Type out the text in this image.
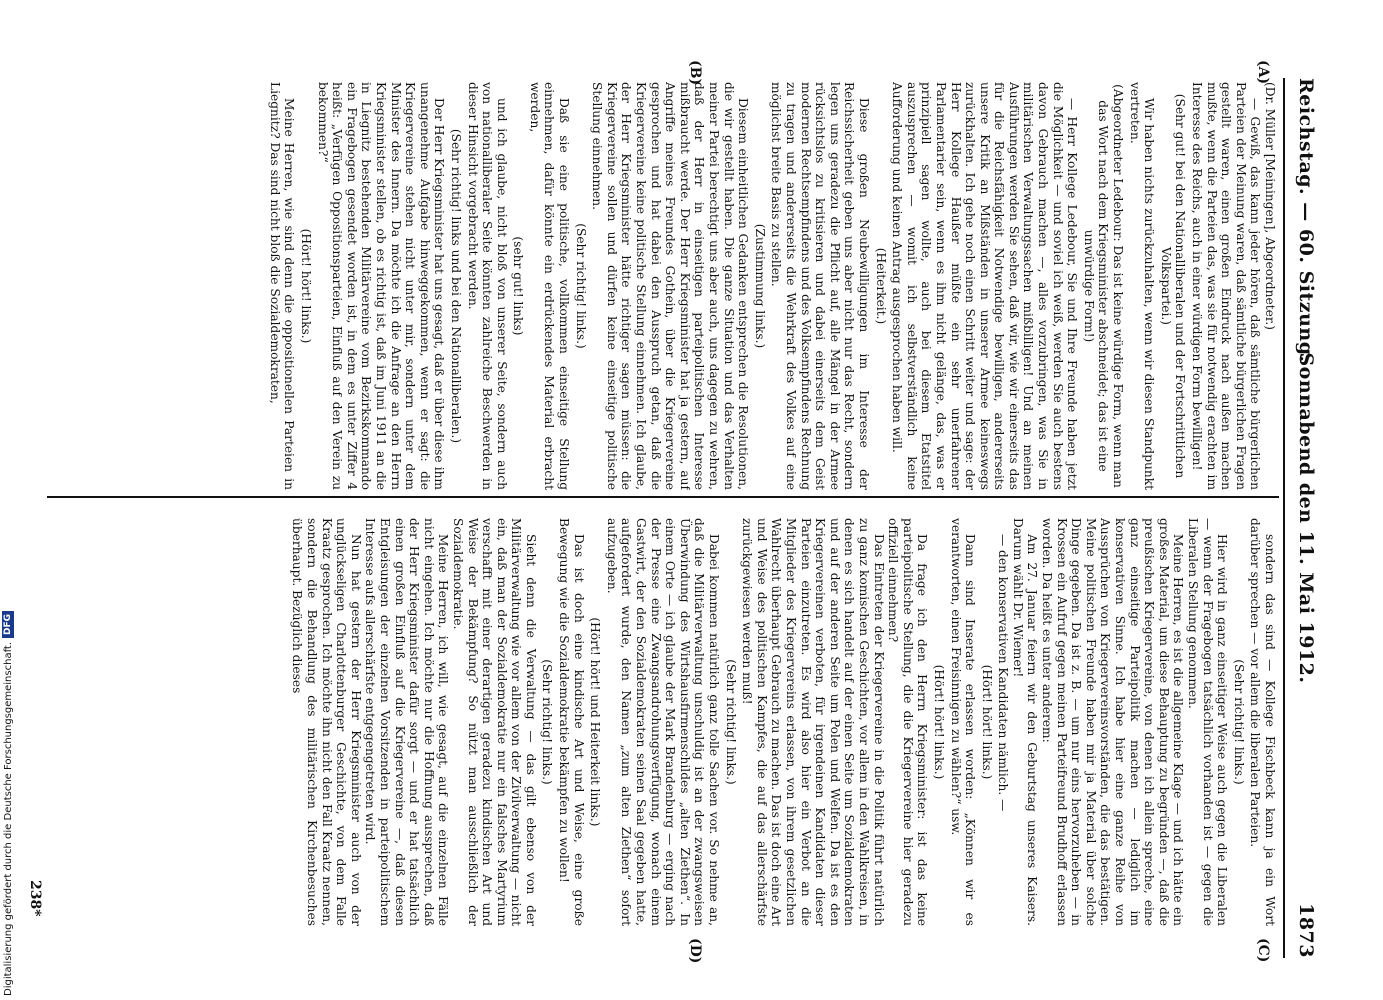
Reichstag. — 60. Sitzung.
Sonnabend den 11. Mai 1912.
1873
(A)
(B)
(C)
(D)

(Dr. Müller [Meiningen], Abgeordneter.)

— Gewiß, das kann jeder hören, daß sämtliche bürgerlichen Parteien der Meinung waren, daß sämtliche bürgerlichen Fragen gestellt waren, einen großen Eindruck nach außen machen mußte, wenn die Parteien das, was sie für notwendig erachten im Interesse des Reichs, auch in einer würdigen Form bewilligen!

(Sehr gut! bei den Nationalliberalen und der Fortschrittlichen Volkspartei.)

Wir haben nichts zurückzuhalten, wenn wir diesen Standpunkt vertreten.

(Abgeordneter Ledebour: Das ist keine würdige Form, wenn man das Wort nach dem Kriegsminister abschneidet; das ist eine unwürdige Form!)

— Herr Kollege Ledebour, Sie und Ihre Freunde haben jetzt die Möglichkeit — und soviel ich weiß, werden Sie auch bestens davon Gebrauch machen —, alles vorzubringen, was Sie in militärischen Verwaltungssachen mißbilligen! Und an meinen Ausführungen werden Sie sehen, daß wir, wie wir einerseits das für die Reichsfähigkeit Notwendige bewilligen, andererseits unsere Kritik an Mißständen in unserer Armee keineswegs zurückhalten. Ich gehe noch einen Schritt weiter und sage: der Herr Kollege Haußer müßte ein sehr unerfahrener Parlamentarier sein, wenn es ihm nicht gelänge, das, was er prinzipiell sagen wollte, auch bei diesem Etatstitel auszusprechen — womit ich selbstverständlich keine Aufforderung und keinen Antrag ausgesprochen haben will.

(Heiterkeit.)

Diese großen Neubewilligungen im Interesse der Reichssicherheit geben uns aber nicht nur das Recht, sondern legen uns geradezu die Pflicht auf, alle Mängel in der Armee rücksichtslos zu kritisieren und dabei einerseits dem Geist modernen Rechtsempfindens und des Volksempfindens Rechnung zu tragen und andererseits die Wehrkraft des Volkes auf eine möglichst breite Basis zu stellen.

(Zustimmung links.)

Diesem einheitlichen Gedanken entsprechen die Resolutionen, die wir gestellt haben. Die ganze Situation und das Verhalten meiner Partei berechtigt uns aber auch, uns dagegen zu wehren, daß der Herr in einseitigen parteipolitischen Interesse mißbraucht werde. Der Herr Kriegsminister hat ja gestern, auf Angriffe meines Freundes Gothein, über die Kriegervereine gesprochen und hat dabei den Ausspruch getan, daß die Kriegervereine keine politische Stellung einnehmen. Ich glaube, der Herr Kriegsminister hätte richtiger sagen müssen: die Kriegervereine sollen und dürfen keine einseitige politische Stellung einnehmen.

(Sehr richtig! links.)

Daß sie eine politische, vollkommen einseitige Stellung einnehmen, dafür könnte ein erdrückendes Material erbracht werden,

(sehr gut! links)

und ich glaube, nicht bloß von unserer Seite, sondern auch von nationalliberaler Seite könnten zahlreiche Beschwerden in dieser Hinsicht vorgebracht werden.

(Sehr richtig! links und bei den Nationalliberalen.)

Der Herr Kriegsminister hat uns gesagt, daß er über diese ihm unangenehme Aufgabe hinweggekommen, wenn er sagt: die Kriegervereine stehen nicht unter mir, sondern unter dem Minister des Innern. Da möchte ich die Anfrage an den Herrn Kriegsminister stellen, ob es richtig ist, daß im Juni 1911 an die in Liegnitz bestehenden Militärvereine vom Bezirkskommando ein Fragebogen gesendet worden ist, in dem es unter Ziffer 4 heißt: „Verfügen Oppositionsparteien, Einfluß auf den Verein zu bekommen?“

(Hört! hört! links.)

Meine Herren, wie sind denn die oppositionellen Parteien in Liegnitz? Das sind nicht bloß die Sozialdemokraten,

sondern das sind — Kollege Fischbeck kann ja ein Wort darüber sprechen — vor allem die liberalen Parteien.

(Sehr richtig! links.)

Hier wird in ganz einseitiger Weise auch gegen die Liberalen — wenn der Fragebogen tatsächlich vorhanden ist — gegen die Liberalen Stellung genommen.

Meine Herren, es ist die allgemeine Klage — und ich hätte ein großes Material, um diese Behauptung zu begründen —, daß die preußischen Kriegervereine, von denen ich allein spreche, eine ganz einseitige Parteipolitik machen — lediglich im konservativen Sinne. Ich habe hier eine ganze Reihe von Aussprüchen von Kriegervereinsvorständen, die das bestätigen. Meine politischen Freunde haben mir ja Material über solche Dinge gegeben. Da ist z. B. — um nur eins hervorzuheben — in Krossen ein Aufruf gegen meinen Parteifreund Brudhoff erlassen worden. Da heißt es unter anderem:

Am 27. Januar feiern wir den Geburtstag unseres Kaisers. Darum wählt Dr. Wiemer!

— den konservativen Kandidaten nämlich. —

(Hört! hört! links.)

Dann sind Inserate erlassen worden: „Können wir es verantworten, einen Freisinnigen zu wählen?“ usw.

(Hört! hört! links.)

Da frage ich den Herrn Kriegsminister: ist das keine parteipolitische Stellung, die die Kriegervereine hier geradezu offiziell einnehmen?

Das Eintreten der Kriegervereine in die Politik führt natürlich zu ganz komischen Geschichten, vor allem in den Wahlkreisen, in denen es sich handelt auf der einen Seite um Sozialdemokraten und auf der anderen Seite um Polen und Welfen. Da ist es den Kriegervereinen verboten, für irgendeinen Kandidaten dieser Parteien einzutreten. Es wird also hier ein Verbot an die Mitglieder des Kriegervereins erlassen, von ihrem gesetzlichen Wahlrecht überhaupt Gebrauch zu machen. Das ist doch eine Art und Weise des politischen Kampfes, die auf das allerschärfste zurückgewiesen werden muß!

(Sehr richtig! links.)

Dabei kommen natürlich ganz tolle Sachen vor. So nehme an, daß die Militärverwaltung unschuldig ist an der zwangsweisen Überwindung des Wirtshausfirmenschildes „alten Ziethen“. In einem Orte — ich glaube der Mark Brandenburg — erging nach der Presse eine Zwangsandrohungsverfügung, wonach einem Gastwirt, der den Sozialdemokraten seinen Saal gegeben hatte, aufgefordert wurde, den Namen „zum alten Ziethen“ sofort aufzugeben.

(Hört! hört! und Heiterkeit links.)

Das ist doch eine kindische Art und Weise, eine große Bewegung wie die Sozialdemokratie bekämpfen zu wollen!

(Sehr richtig! links.)

Sieht denn die Verwaltung — das gilt ebenso von der Militärverwaltung wie vor allem von der Zivilverwaltung — nicht ein, daß man der Sozialdemokratie nur ein falsches Martyrium verschafft mit einer derartigen geradezu kindischen Art und Weise der Bekämpfung? So nützt man ausschließlich der Sozialdemokratie.

Meine Herren, ich will, wie gesagt, auf die einzelnen Fälle nicht eingehen. Ich möchte nur die Hoffnung aussprechen, daß der Herr Kriegsminister dafür sorgt — und er hat tatsächlich einen großen Einfluß auf die Kriegervereine —, daß diesen Entgleisungen der einzelnen Vorsitzenden in parteipolitischem Interesse aufs allerschärfste entgegengetreten wird.

Nun hat gestern der Herr Kriegsminister auch von der unglückseligen Charlottenburger Geschichte, von dem Falle Kraatz gesprochen. Ich möchte ihn nicht den Fall Kraatz nennen, sondern die Behandlung des militärischen Kirchenbesuches überhaupt. Bezüglich dieses

238*
Digitalisierung gefördert durch die Deutsche Forschungsgemeinschaft.
DFG
